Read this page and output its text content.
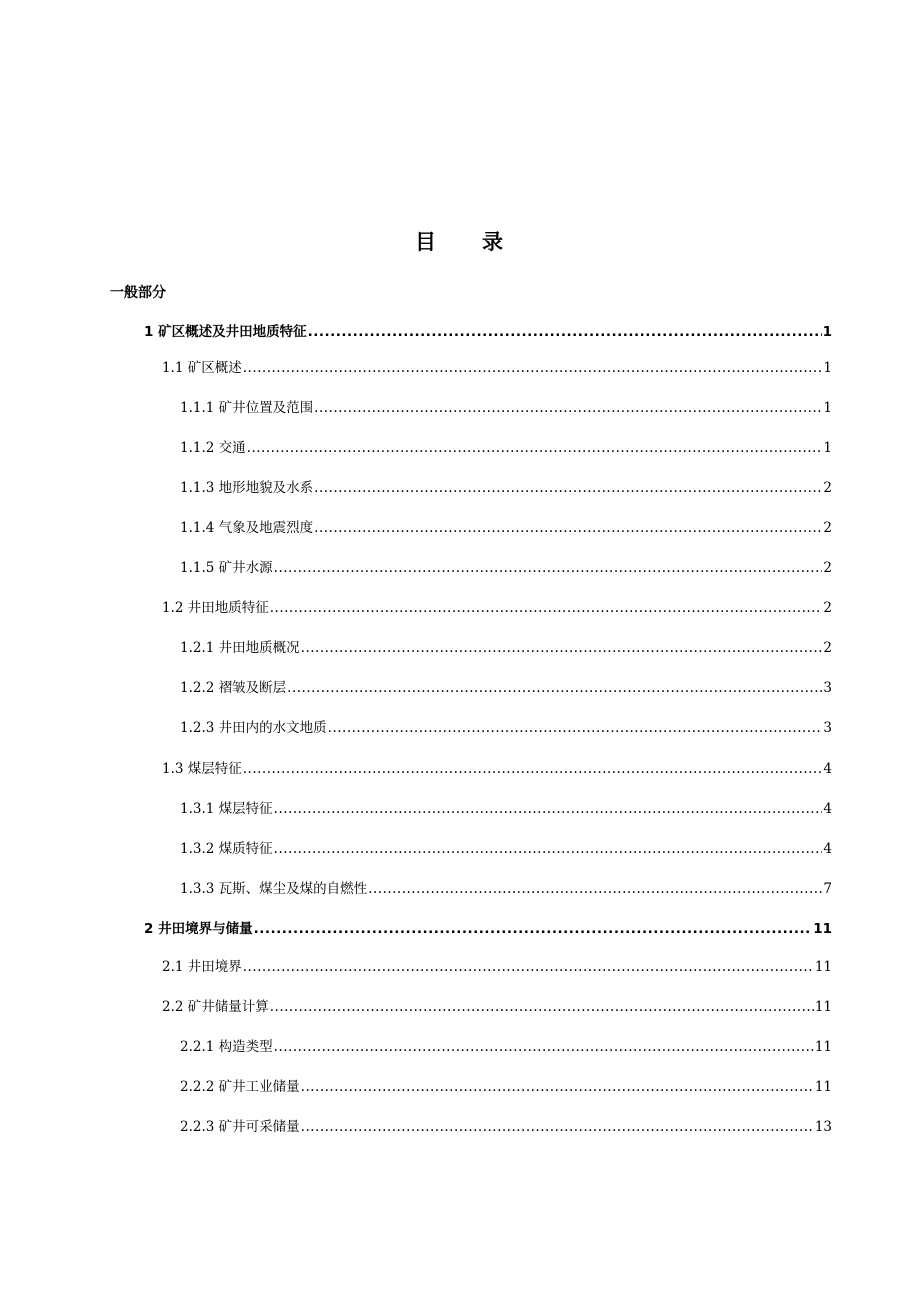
目 录
一般部分
1 矿区概述及井田地质特征 .....	1
1.1 矿区概述 .....	1
1.1.1 矿井位置及范围 .....	1
1.1.2 交通 .....	1
1.1.3 地形地貌及水系 .....	2
1.1.4 气象及地震烈度 .....	2
1.1.5 矿井水源 .....	2
1.2 井田地质特征 .....	2
1.2.1 井田地质概况 .....	2
1.2.2 褶皱及断层 .....	3
1.2.3 井田内的水文地质 .....	3
1.3 煤层特征 .....	4
1.3.1 煤层特征 .....	4
1.3.2 煤质特征 .....	4
1.3.3 瓦斯、煤尘及煤的自燃性 .....	7
2 井田境界与储量 .....	11
2.1 井田境界 .....	11
2.2 矿井储量计算 .....	11
2.2.1 构造类型 .....	11
2.2.2 矿井工业储量 .....	11
2.2.3 矿井可采储量 .....	13
